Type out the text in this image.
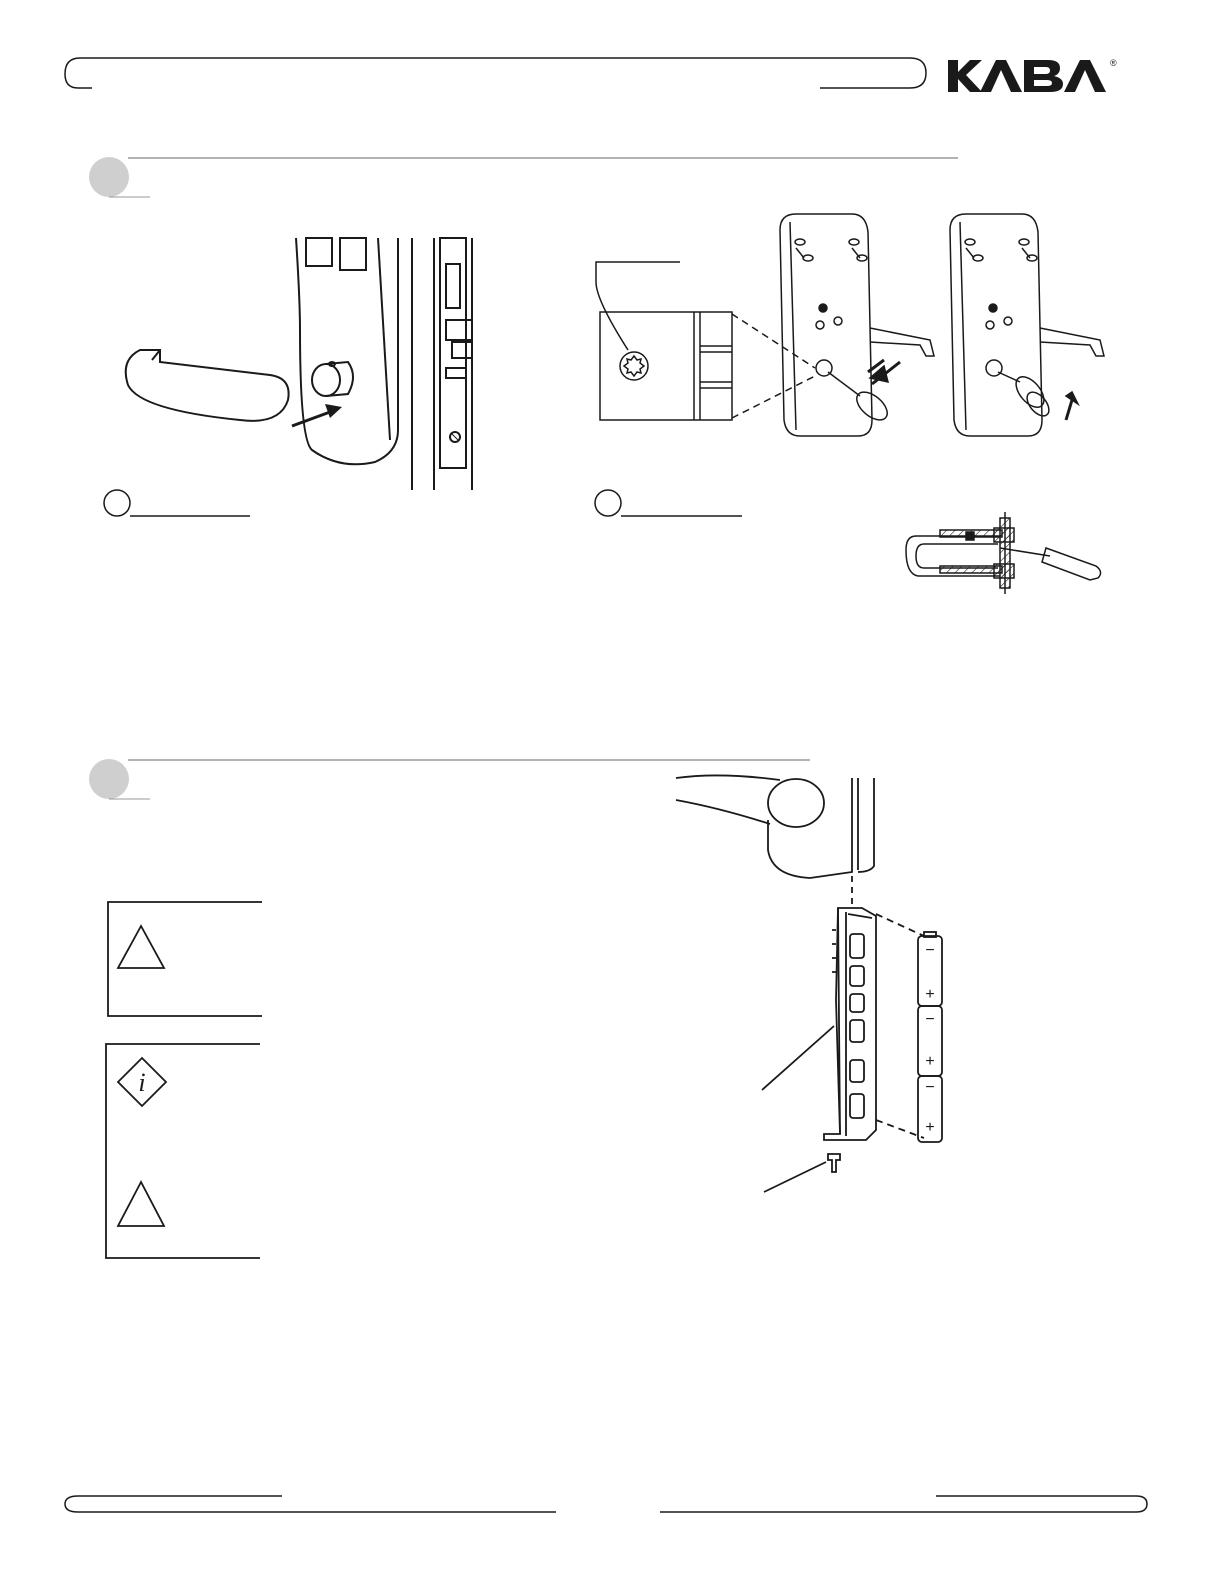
®
i
−
+
−
+
−
+
